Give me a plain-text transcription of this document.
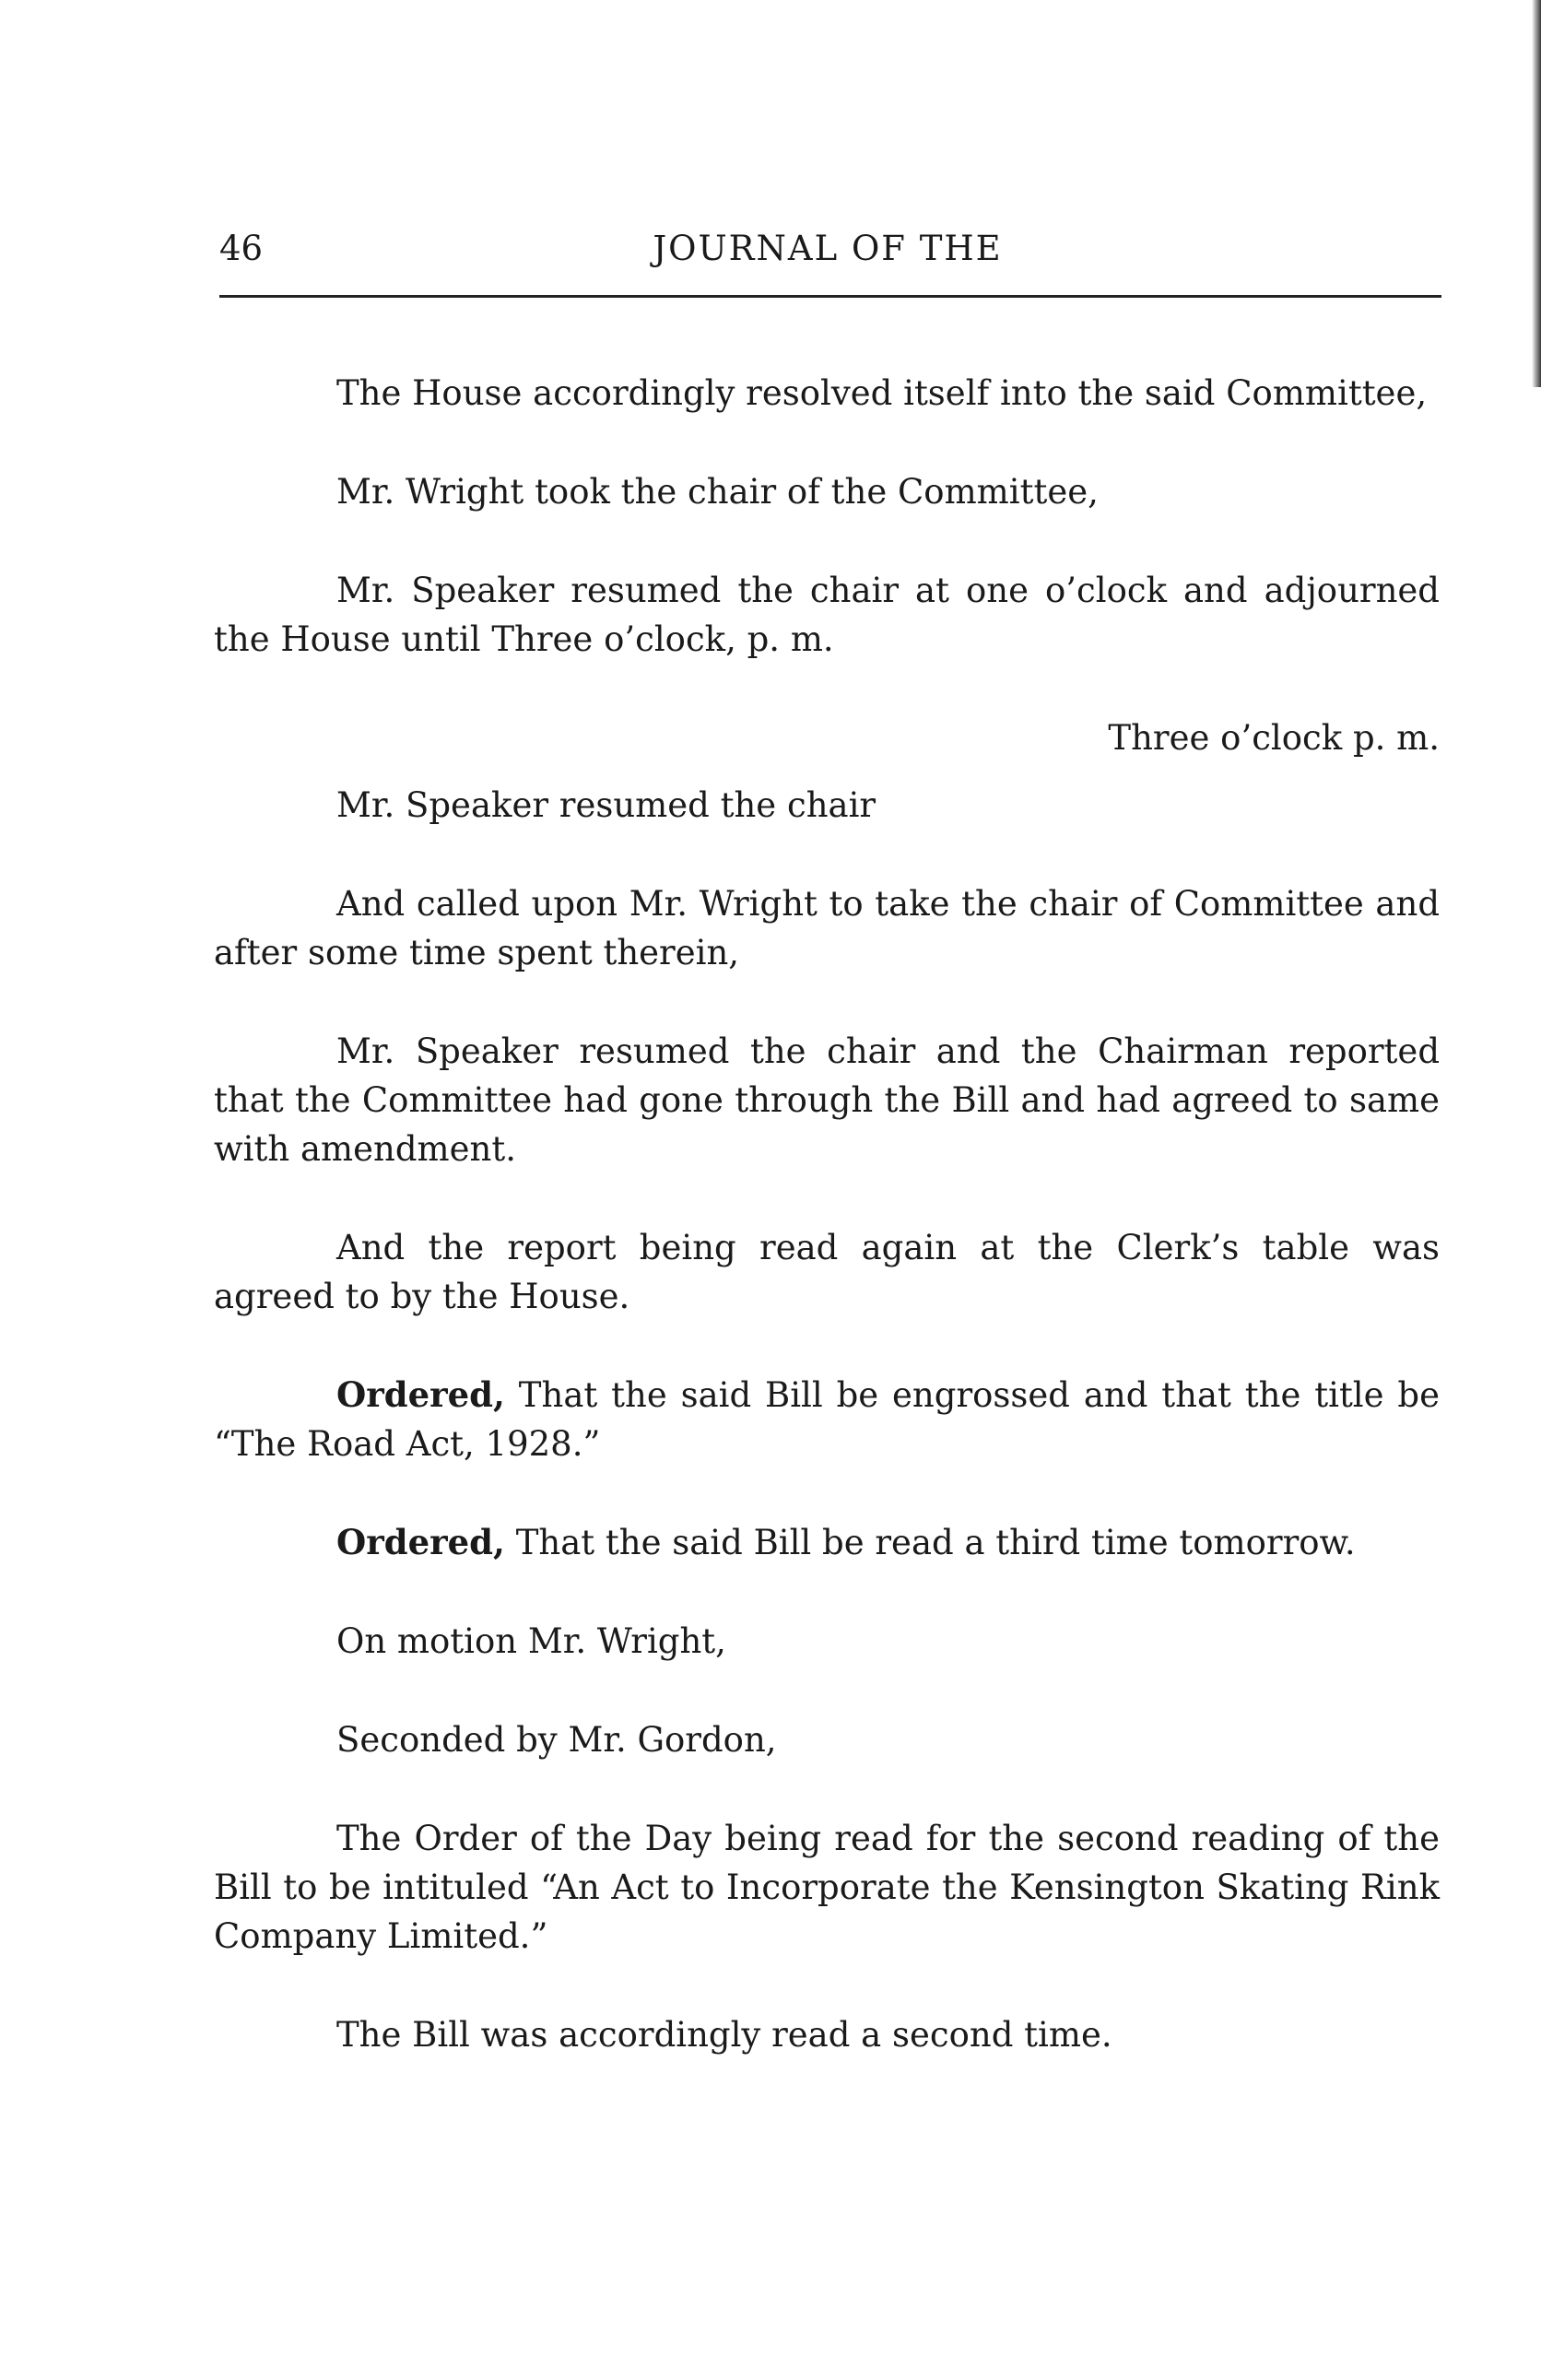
46	JOURNAL OF THE

The House accordingly resolved itself into the said Committee,

Mr. Wright took the chair of the Committee,

Mr. Speaker resumed the chair at one o’clock and adjourned the House until Three o’clock, p. m.

Three o’clock p. m.

Mr. Speaker resumed the chair

And called upon Mr. Wright to take the chair of Committee and after some time spent therein,

Mr. Speaker resumed the chair and the Chairman reported that the Committee had gone through the Bill and had agreed to same with amendment.

And the report being read again at the Clerk’s table was agreed to by the House.

Ordered, That the said Bill be engrossed and that the title be “The Road Act, 1928.”

Ordered, That the said Bill be read a third time tomorrow.

On motion Mr. Wright,

Seconded by Mr. Gordon,

The Order of the Day being read for the second reading of the Bill to be intituled “An Act to Incorporate the Kensington Skating Rink Company Limited.”

The Bill was accordingly read a second time.
